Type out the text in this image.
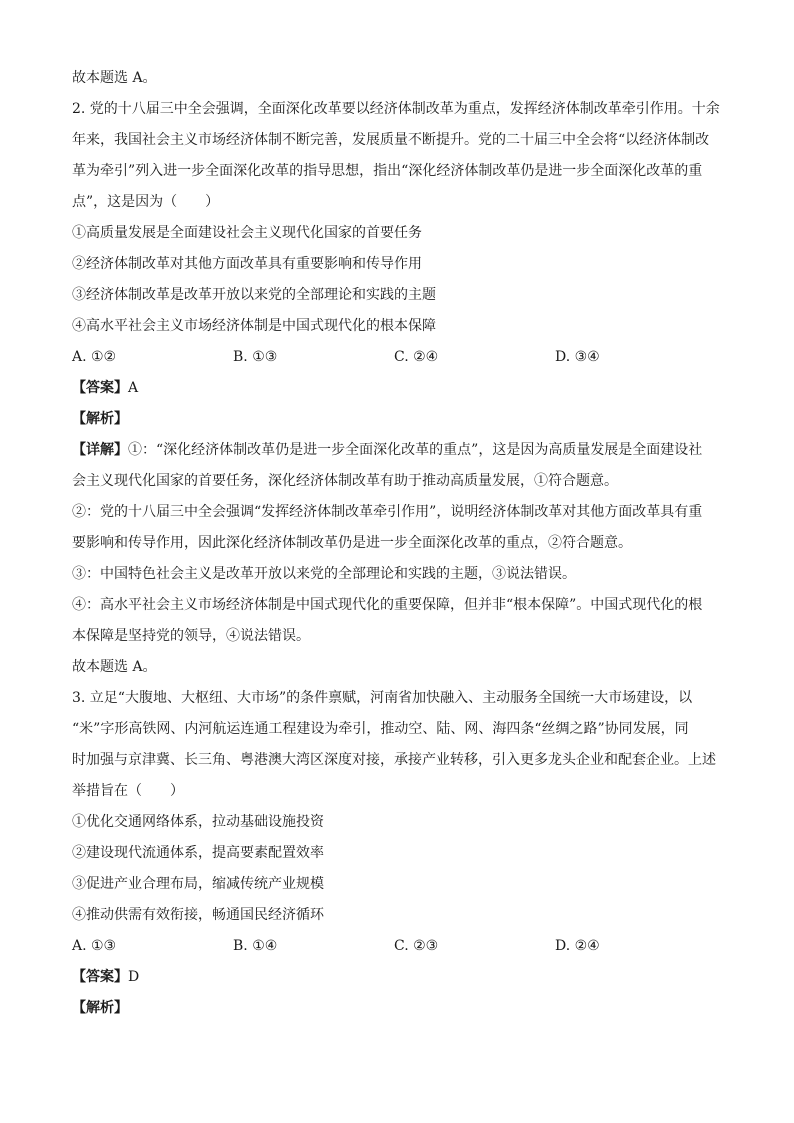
故本题选 A。
2. 党的十八届三中全会强调，全面深化改革要以经济体制改革为重点，发挥经济体制改革牵引作用。十余
年来，我国社会主义市场经济体制不断完善，发展质量不断提升。党的二十届三中全会将“以经济体制改
革为牵引”列入进一步全面深化改革的指导思想，指出“深化经济体制改革仍是进一步全面深化改革的重
点”，这是因为（　　）
①高质量发展是全面建设社会主义现代化国家的首要任务
②经济体制改革对其他方面改革具有重要影响和传导作用
③经济体制改革是改革开放以来党的全部理论和实践的主题
④高水平社会主义市场经济体制是中国式现代化的根本保障
A. ①②	B. ①③	C. ②④	D. ③④
【答案】A
【解析】
【详解】①：“深化经济体制改革仍是进一步全面深化改革的重点”，这是因为高质量发展是全面建设社
会主义现代化国家的首要任务，深化经济体制改革有助于推动高质量发展，①符合题意。
②：党的十八届三中全会强调“发挥经济体制改革牵引作用”，说明经济体制改革对其他方面改革具有重
要影响和传导作用，因此深化经济体制改革仍是进一步全面深化改革的重点，②符合题意。
③：中国特色社会主义是改革开放以来党的全部理论和实践的主题，③说法错误。
④：高水平社会主义市场经济体制是中国式现代化的重要保障，但并非“根本保障”。中国式现代化的根
本保障是坚持党的领导，④说法错误。
故本题选 A。
3. 立足“大腹地、大枢纽、大市场”的条件禀赋，河南省加快融入、主动服务全国统一大市场建设，以
“米”字形高铁网、内河航运连通工程建设为牵引，推动空、陆、网、海四条“丝绸之路”协同发展，同
时加强与京津冀、长三角、粤港澳大湾区深度对接，承接产业转移，引入更多龙头企业和配套企业。上述
举措旨在（　　）
①优化交通网络体系，拉动基础设施投资
②建设现代流通体系，提高要素配置效率
③促进产业合理布局，缩减传统产业规模
④推动供需有效衔接，畅通国民经济循环
A. ①③	B. ①④	C. ②③	D. ②④
【答案】D
【解析】
